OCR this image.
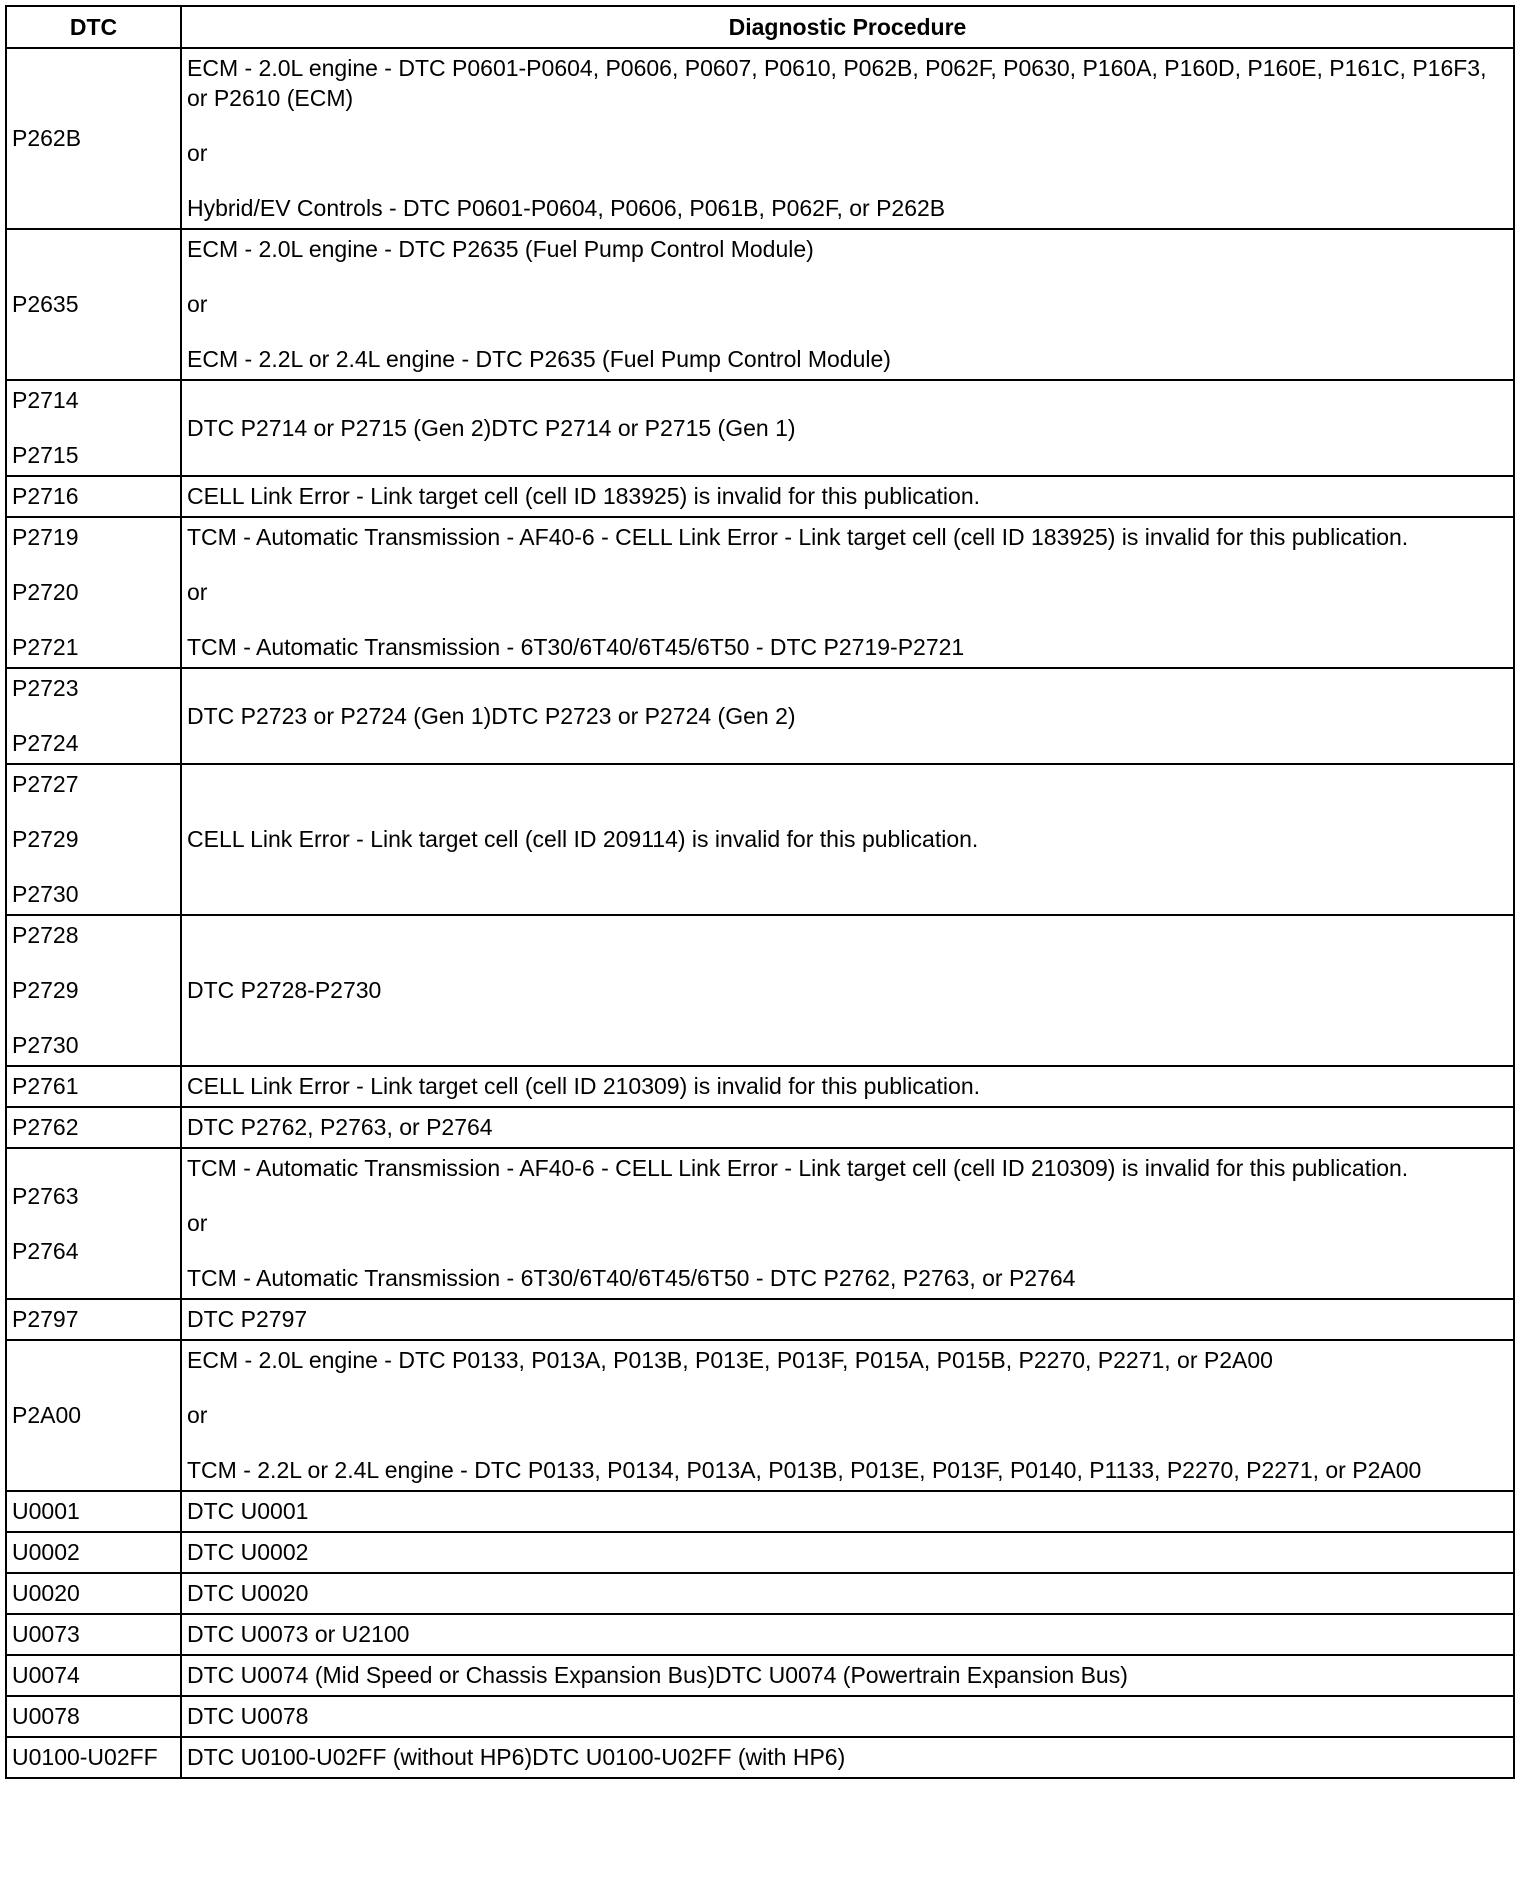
DTC	Diagnostic Procedure

P262B	ECM - 2.0L engine - DTC P0601-P0604, P0606, P0607, P0610, P062B, P062F, P0630, P160A, P160D, P160E, P161C, P16F3, or P2610 (ECM)
or
Hybrid/EV Controls - DTC P0601-P0604, P0606, P061B, P062F, or P262B

P2635	ECM - 2.0L engine - DTC P2635 (Fuel Pump Control Module)
or
ECM - 2.2L or 2.4L engine - DTC P2635 (Fuel Pump Control Module)

P2714
P2715	DTC P2714 or P2715 (Gen 2)DTC P2714 or P2715 (Gen 1)

P2716	CELL Link Error - Link target cell (cell ID 183925) is invalid for this publication.

P2719
P2720
P2721	TCM - Automatic Transmission - AF40-6 - CELL Link Error - Link target cell (cell ID 183925) is invalid for this publication.
or
TCM - Automatic Transmission - 6T30/6T40/6T45/6T50 - DTC P2719-P2721

P2723
P2724	DTC P2723 or P2724 (Gen 1)DTC P2723 or P2724 (Gen 2)

P2727
P2729
P2730	CELL Link Error - Link target cell (cell ID 209114) is invalid for this publication.

P2728
P2729
P2730	DTC P2728-P2730

P2761	CELL Link Error - Link target cell (cell ID 210309) is invalid for this publication.

P2762	DTC P2762, P2763, or P2764

P2763
P2764	TCM - Automatic Transmission - AF40-6 - CELL Link Error - Link target cell (cell ID 210309) is invalid for this publication.
or
TCM - Automatic Transmission - 6T30/6T40/6T45/6T50 - DTC P2762, P2763, or P2764

P2797	DTC P2797

P2A00	ECM - 2.0L engine - DTC P0133, P013A, P013B, P013E, P013F, P015A, P015B, P2270, P2271, or P2A00
or
TCM - 2.2L or 2.4L engine - DTC P0133, P0134, P013A, P013B, P013E, P013F, P0140, P1133, P2270, P2271, or P2A00

U0001	DTC U0001

U0002	DTC U0002

U0020	DTC U0020

U0073	DTC U0073 or U2100

U0074	DTC U0074 (Mid Speed or Chassis Expansion Bus)DTC U0074 (Powertrain Expansion Bus)

U0078	DTC U0078

U0100-U02FF	DTC U0100-U02FF (without HP6)DTC U0100-U02FF (with HP6)
